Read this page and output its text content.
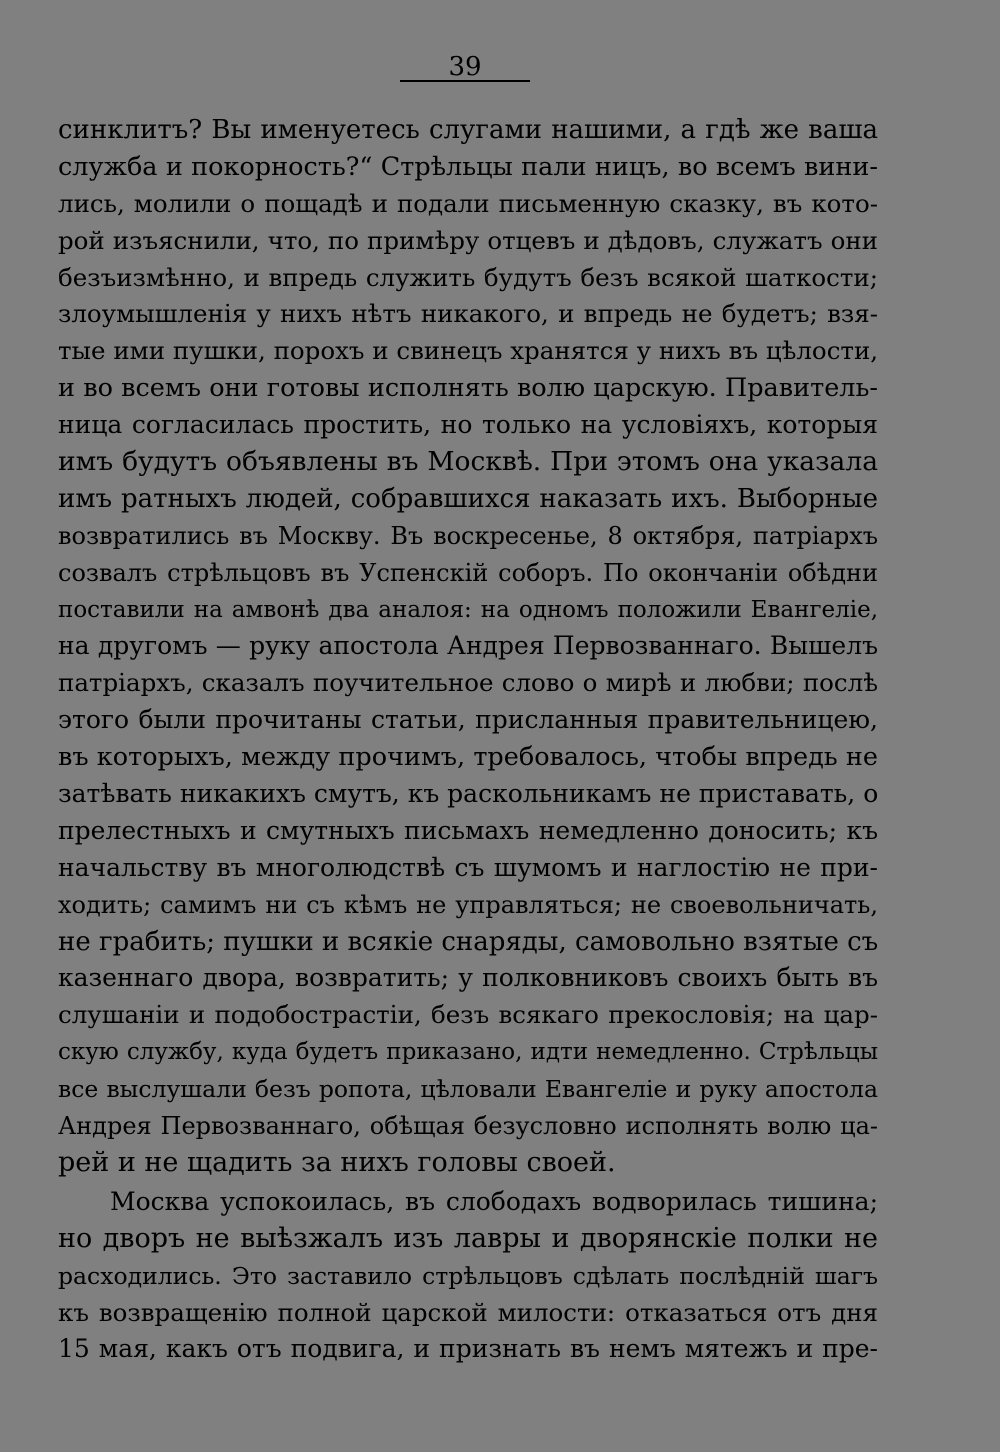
39
синклитъ? Вы именуетесь слугами нашими, а гдѣ же ваша
служба и покорность?“ Стрѣльцы пали ницъ, во всемъ вини-
лись, молили о пощадѣ и подали письменную сказку, въ кото-
рой изъяснили, что, по примѣру отцевъ и дѣдовъ, служатъ они
безъизмѣнно, и впредь служить будутъ безъ всякой шаткости;
злоумышленія у нихъ нѣтъ никакого, и впредь не будетъ; взя-
тые ими пушки, порохъ и свинецъ хранятся у нихъ въ цѣлости,
и во всемъ они готовы исполнять волю царскую. Правитель-
ница согласилась простить, но только на условіяхъ, которыя
имъ будутъ объявлены въ Москвѣ. При этомъ она указала
имъ ратныхъ людей, собравшихся наказать ихъ. Выборные
возвратились въ Москву. Въ воскресенье, 8 октября, патріархъ
созвалъ стрѣльцовъ въ Успенскій соборъ. По окончаніи обѣдни
поставили на амвонѣ два аналоя: на одномъ положили Евангеліе,
на другомъ — руку апостола Андрея Первозваннаго. Вышелъ
патріархъ, сказалъ поучительное слово о мирѣ и любви; послѣ
этого были прочитаны статьи, присланныя правительницею,
въ которыхъ, между прочимъ, требовалось, чтобы впредь не
затѣвать никакихъ смутъ, къ раскольникамъ не приставать, о
прелестныхъ и смутныхъ письмахъ немедленно доносить; къ
начальству въ многолюдствѣ съ шумомъ и наглостію не при-
ходить; самимъ ни съ кѣмъ не управляться; не своевольничать,
не грабить; пушки и всякіе снаряды, самовольно взятые съ
казеннаго двора, возвратить; у полковниковъ своихъ быть въ
слушаніи и подобострастіи, безъ всякаго прекословія; на цар-
скую службу, куда будетъ приказано, идти немедленно. Стрѣльцы
все выслушали безъ ропота, цѣловали Евангеліе и руку апостола
Андрея Первозваннаго, обѣщая безусловно исполнять волю ца-
рей и не щадить за нихъ головы своей.
Москва успокоилась, въ слободахъ водворилась тишина;
но дворъ не выѣзжалъ изъ лавры и дворянскіе полки не
расходились. Это заставило стрѣльцовъ сдѣлать послѣдній шагъ
къ возвращенію полной царской милости: отказаться отъ дня
15 мая, какъ отъ подвига, и признать въ немъ мятежъ и пре-
